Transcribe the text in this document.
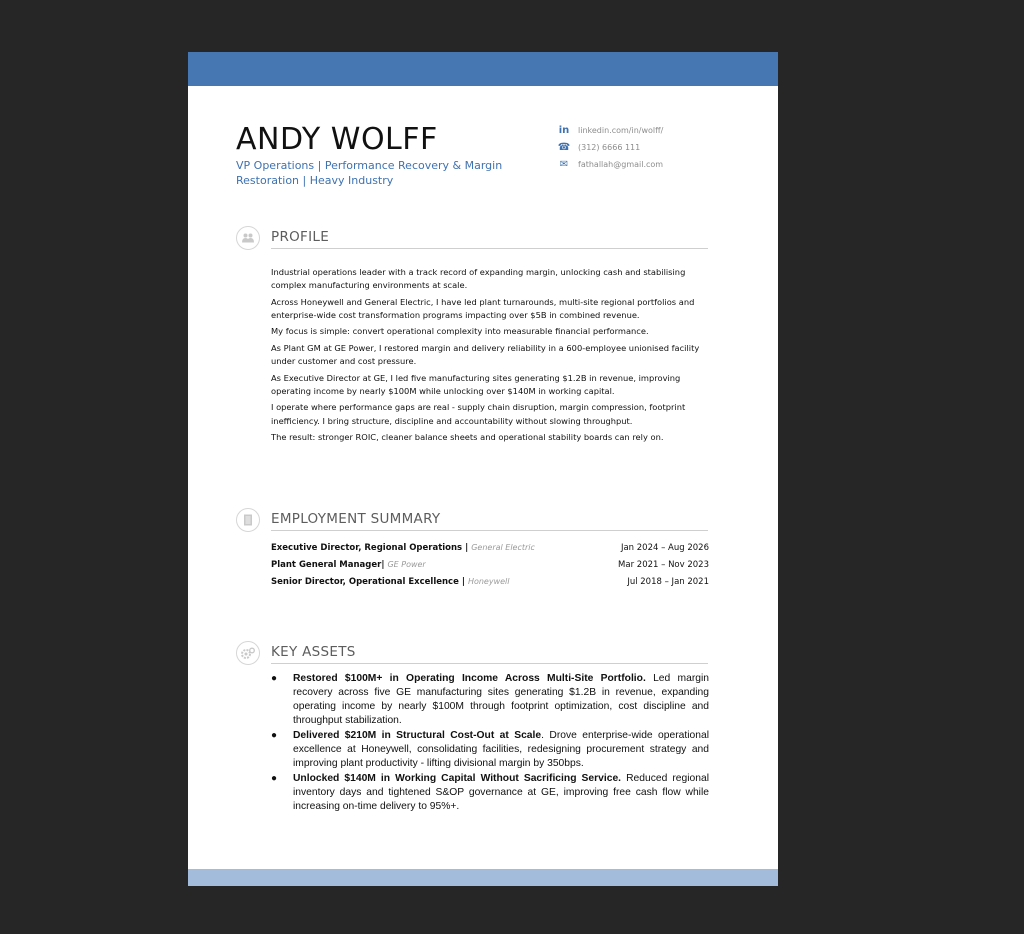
ANDY WOLFF
VP Operations | Performance Recovery & Margin Restoration | Heavy Industry
in	linkedin.com/in/wolff/
☎ (312) 6666 111
✉	fathallah@gmail.com
PROFILE

Industrial operations leader with a track record of expanding margin, unlocking cash and stabilising complex manufacturing environments at scale.

Across Honeywell and General Electric, I have led plant turnarounds, multi-site regional portfolios and enterprise-wide cost transformation programs impacting over $5B in combined revenue.

My focus is simple: convert operational complexity into measurable financial performance.

As Plant GM at GE Power, I restored margin and delivery reliability in a 600-employee unionised facility under customer and cost pressure.

As Executive Director at GE, I led five manufacturing sites generating $1.2B in revenue, improving operating income by nearly $100M while unlocking over $140M in working capital.

I operate where performance gaps are real - supply chain disruption, margin compression, footprint inefficiency. I bring structure, discipline and accountability without slowing throughput.

The result: stronger ROIC, cleaner balance sheets and operational stability boards can rely on.

EMPLOYMENT SUMMARY
Executive Director, Regional Operations | General Electric	Jan 2024 – Aug 2026
Plant General Manager| GE Power	Mar 2021 – Nov 2023
Senior Director, Operational Excellence | Honeywell	Jul 2018 – Jan 2021
KEY ASSETS
● Restored $100M+ in Operating Income Across Multi-Site Portfolio. Led margin recovery across five GE manufacturing sites generating $1.2B in revenue, expanding operating income by nearly $100M through footprint optimization, cost discipline and throughput stabilization.
● Delivered $210M in Structural Cost-Out at Scale. Drove enterprise-wide operational excellence at Honeywell, consolidating facilities, redesigning procurement strategy and improving plant productivity - lifting divisional margin by 350bps.
● Unlocked $140M in Working Capital Without Sacrificing Service. Reduced regional inventory days and tightened S&OP governance at GE, improving free cash flow while increasing on-time delivery to 95%+.
